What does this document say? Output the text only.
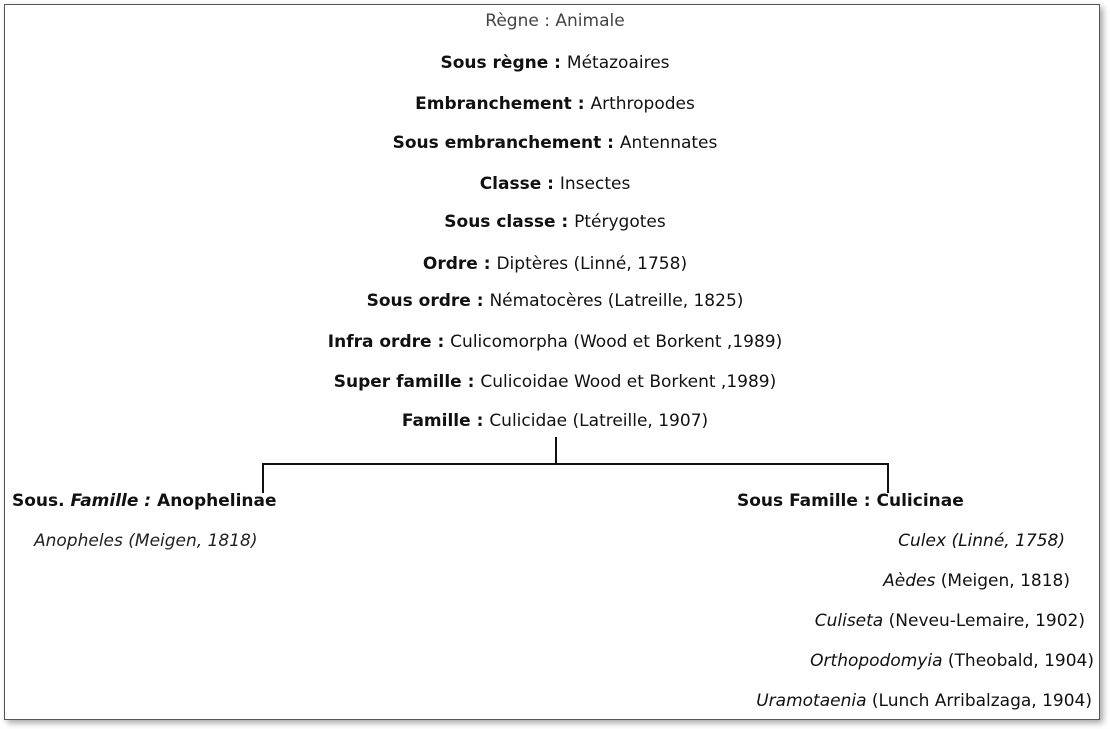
Règne : Animale
Sous règne : Métazoaires
Embranchement : Arthropodes
Sous embranchement : Antennates
Classe : Insectes
Sous classe : Ptérygotes
Ordre : Diptères (Linné, 1758)
Sous ordre : Nématocères (Latreille, 1825)
Infra ordre : Culicomorpha (Wood et Borkent ,1989)
Super famille : Culicoidae Wood et Borkent ,1989)
Famille : Culicidae (Latreille, 1907)
Sous. Famille : Anophelinae
Anopheles (Meigen, 1818)
Sous Famille : Culicinae
Culex (Linné, 1758)
Aèdes (Meigen, 1818)
Culiseta (Neveu-Lemaire, 1902)
Orthopodomyia (Theobald, 1904)
Uramotaenia (Lunch Arribalzaga, 1904)
